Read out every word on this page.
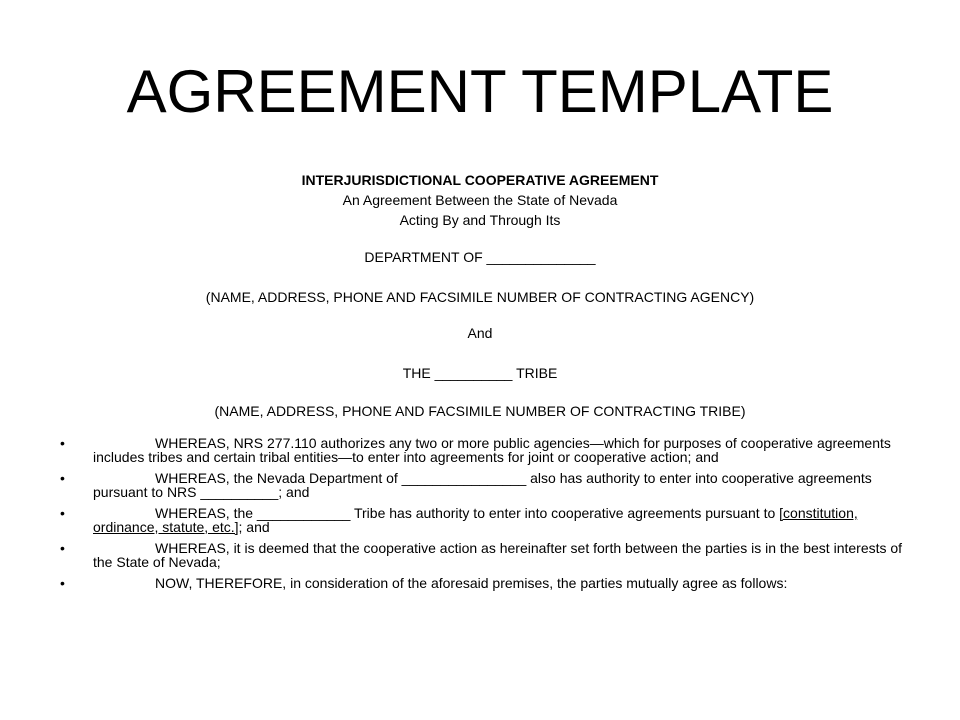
AGREEMENT TEMPLATE

INTERJURISDICTIONAL COOPERATIVE AGREEMENT

An Agreement Between the State of Nevada

Acting By and Through Its

DEPARTMENT OF ______________

(NAME, ADDRESS, PHONE AND FACSIMILE NUMBER OF CONTRACTING AGENCY)

And

THE __________ TRIBE

(NAME, ADDRESS, PHONE AND FACSIMILE NUMBER OF CONTRACTING TRIBE)

•	WHEREAS, NRS 277.110 authorizes any two or more public agencies—which for purposes of cooperative agreements includes tribes and certain tribal entities—to enter into agreements for joint or cooperative action; and
•	WHEREAS, the Nevada Department of ________________ also has authority to enter into cooperative agreements pursuant to NRS __________; and
•	WHEREAS, the ____________ Tribe has authority to enter into cooperative agreements pursuant to [constitution, ordinance, statute, etc.]; and
•	WHEREAS, it is deemed that the cooperative action as hereinafter set forth between the parties is in the best interests of the State of Nevada;
•	NOW, THEREFORE, in consideration of the aforesaid premises, the parties mutually agree as follows:
